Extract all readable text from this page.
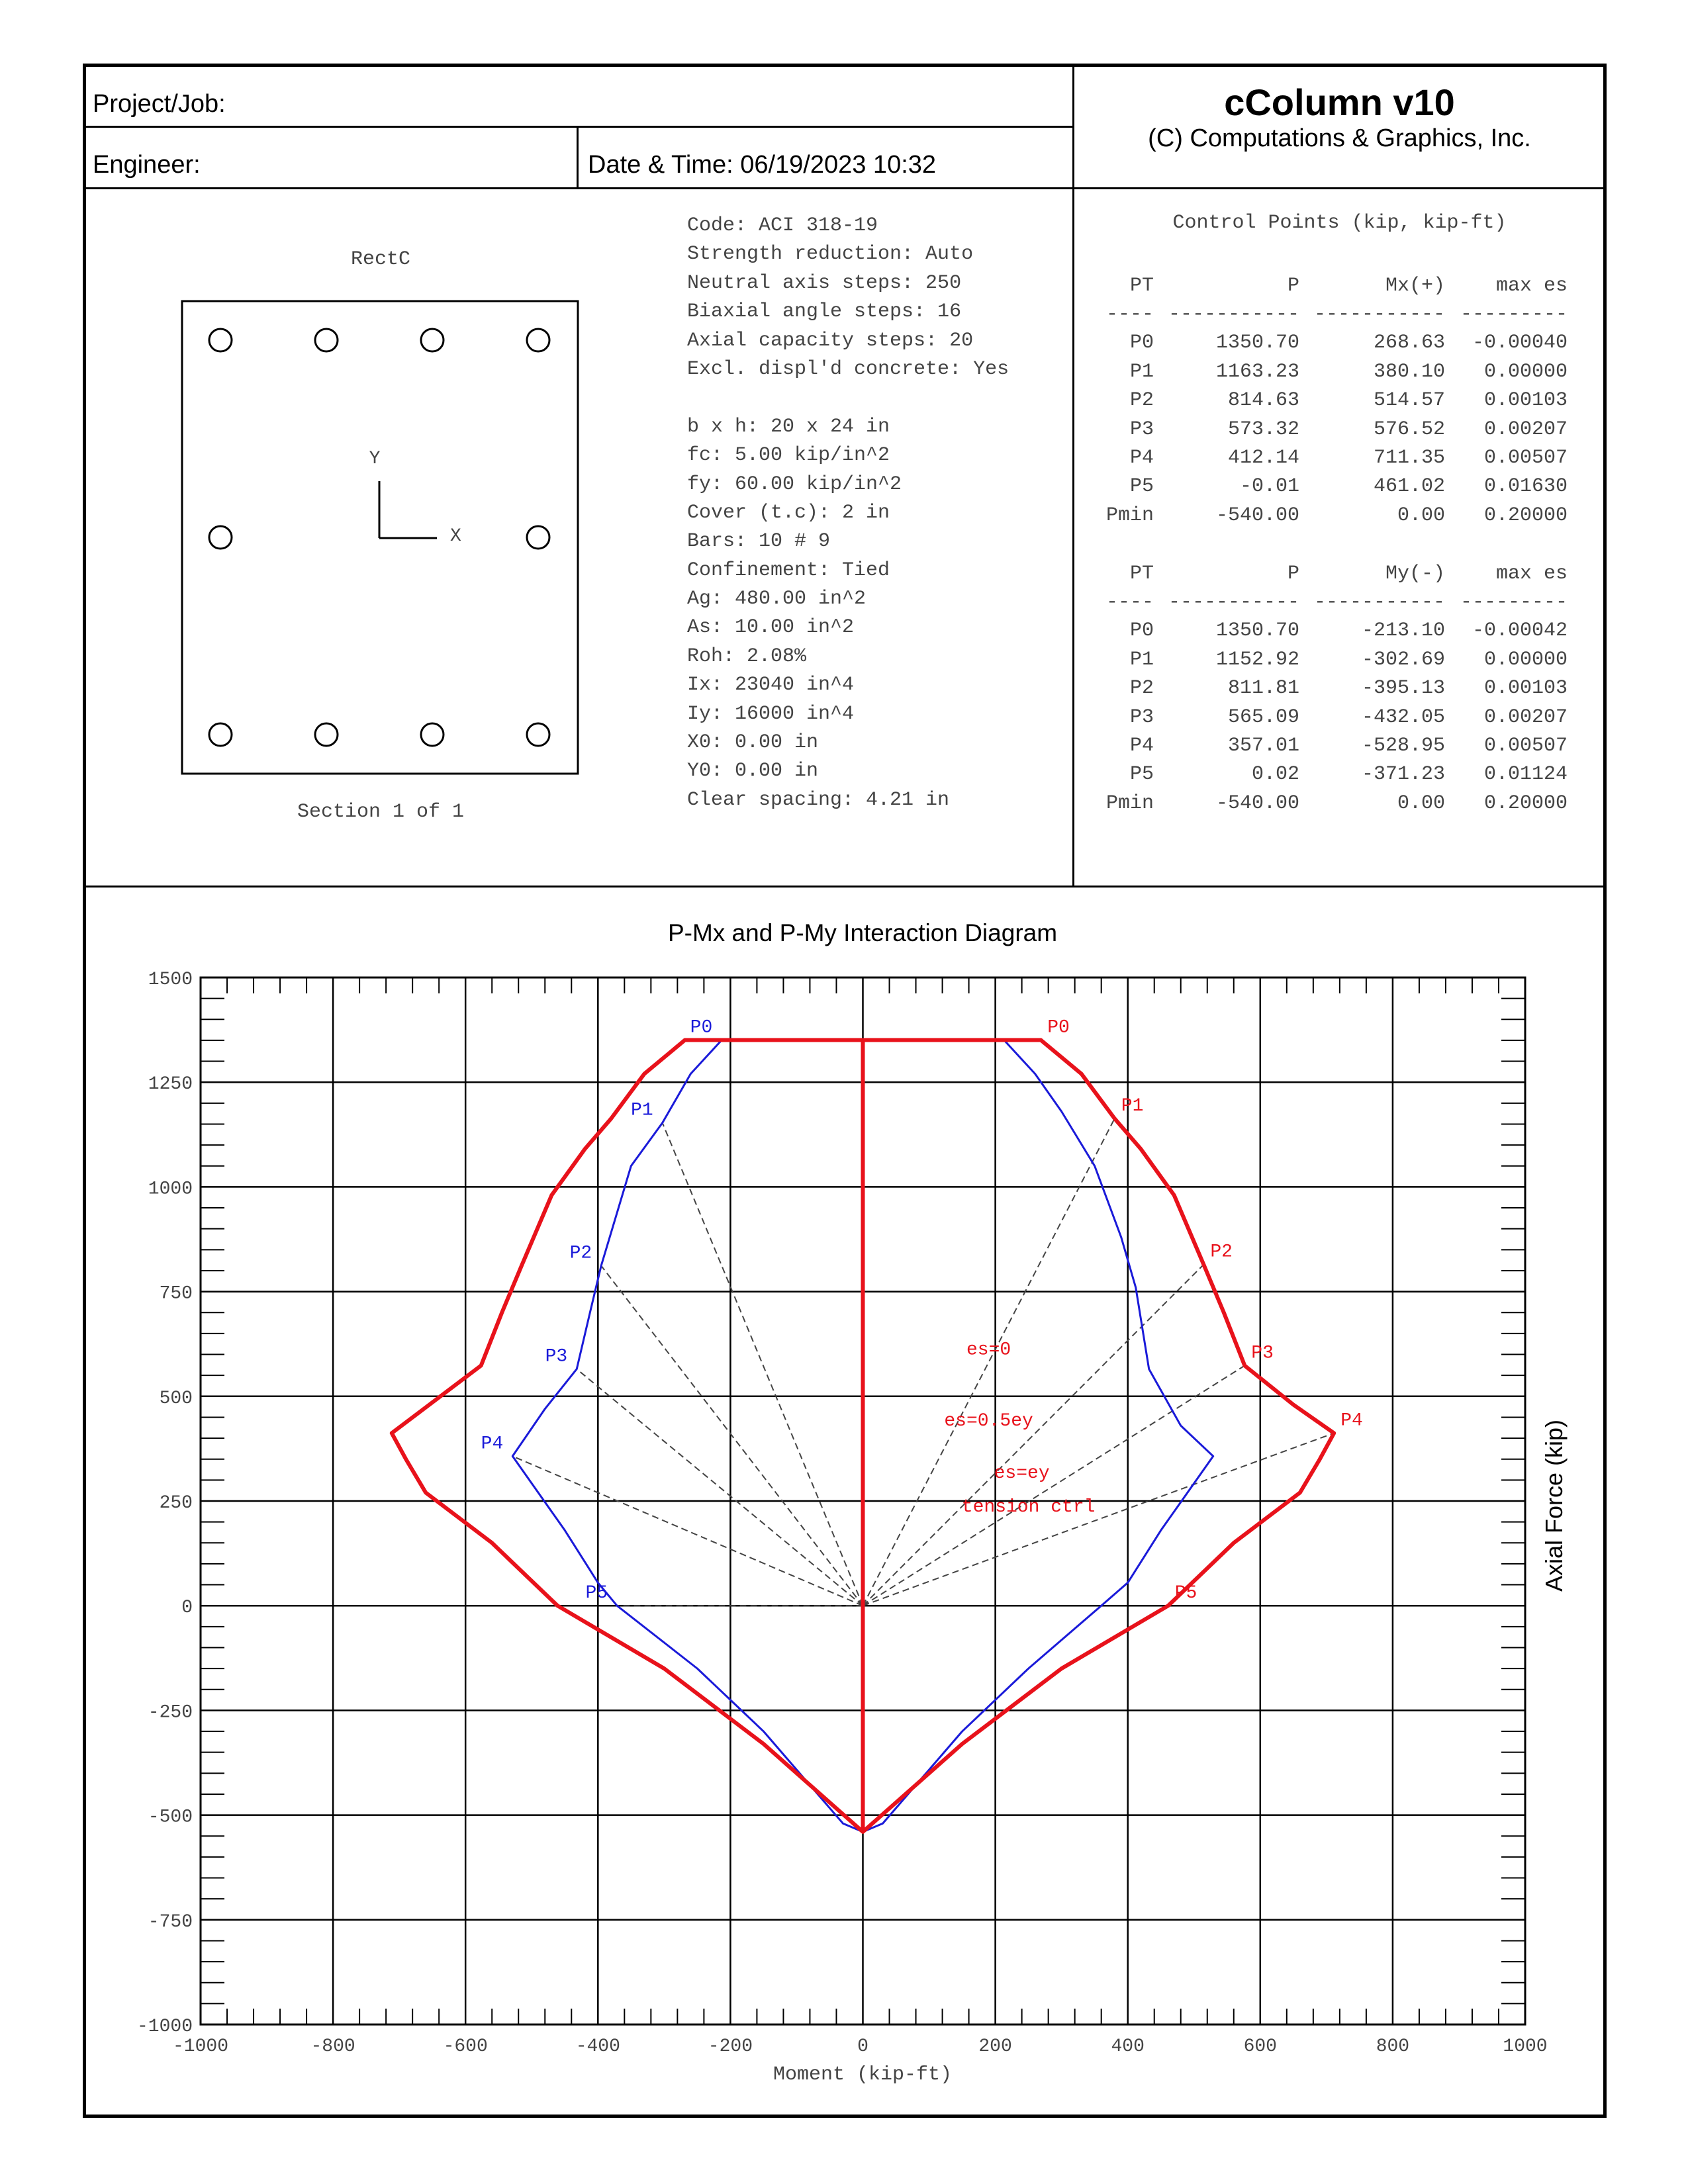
Project/Job:
Engineer:	Date & Time: 06/19/2023 10:32
cColumn v10
(C) Computations & Graphics, Inc.
RectC
Y
X
Section 1 of 1
Code: ACI 318-19
Strength reduction: Auto
Neutral axis steps: 250
Biaxial angle steps: 16
Axial capacity steps: 20
Excl. displ'd concrete: Yes
b x h: 20 x 24 in
fc: 5.00 kip/in^2
fy: 60.00 kip/in^2
Cover (t.c): 2 in
Bars: 10 # 9
Confinement: Tied
Ag: 480.00 in^2
As: 10.00 in^2
Roh: 2.08%
Ix: 23040 in^4
Iy: 16000 in^4
X0: 0.00 in
Y0: 0.00 in
Clear spacing: 4.21 in
Control Points (kip, kip-ft)
PT	P	Mx(+)	max es
----	-----------	-----------	---------
P0	1350.70	268.63	-0.00040
P1	1163.23	380.10	0.00000
P2	814.63	514.57	0.00103
P3	573.32	576.52	0.00207
P4	412.14	711.35	0.00507
P5	-0.01	461.02	0.01630
Pmin	-540.00	0.00	0.20000
PT	P	My(-)	max es
----	-----------	-----------	---------
P0	1350.70	-213.10	-0.00042
P1	1152.92	-302.69	0.00000
P2	811.81	-395.13	0.00103
P3	565.09	-432.05	0.00207
P4	357.01	-528.95	0.00507
P5	0.02	-371.23	0.01124
Pmin	-540.00	0.00	0.20000
P-Mx and P-My Interaction Diagram
-1000	-800	-600	-400	-200	0	200	400	600	800	1000
-1000
-750
-500
-250
0
250
500
750
1000
1250
1500
P0
P1
P2
P3
P4
P5
P0
P1
P2
P3
P4
P5
es=0
es=0.5ey
es=ey
tension ctrl
Moment (kip-ft)
Axial Force (kip)
